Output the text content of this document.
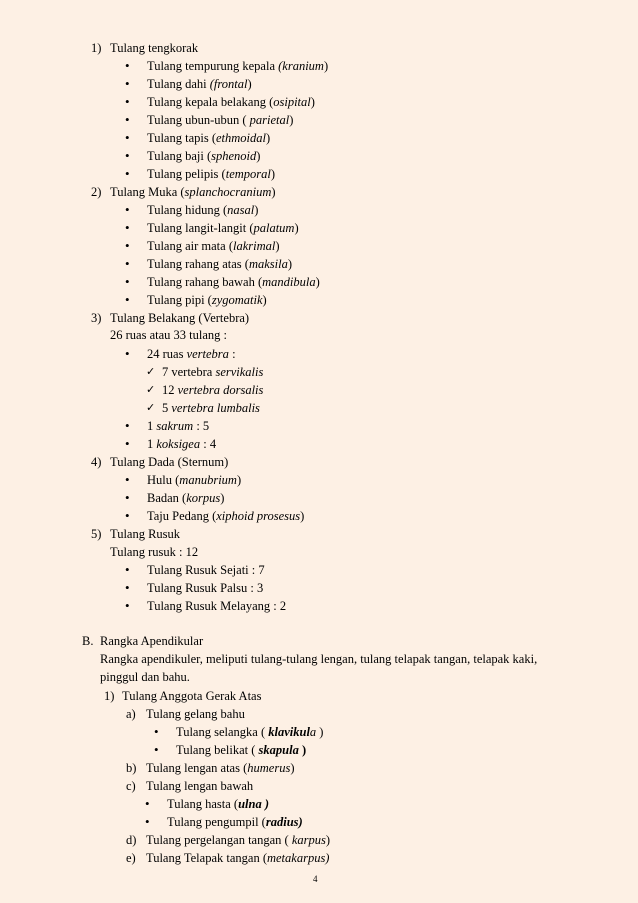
1) Tulang tengkorak
• Tulang tempurung kepala (kranium)
• Tulang dahi (frontal)
• Tulang kepala belakang (osipital)
• Tulang ubun-ubun ( parietal)
• Tulang tapis (ethmoidal)
• Tulang baji (sphenoid)
• Tulang pelipis (temporal)
2) Tulang Muka (splanchocranium)
• Tulang hidung (nasal)
• Tulang langit-langit (palatum)
• Tulang air mata (lakrimal)
• Tulang rahang atas (maksila)
• Tulang rahang bawah (mandibula)
• Tulang pipi (zygomatik)
3) Tulang Belakang (Vertebra)
26 ruas atau 33 tulang :
• 24 ruas vertebra :
✓ 7 vertebra servikalis
✓ 12 vertebra dorsalis
✓ 5 vertebra lumbalis
• 1 sakrum : 5
• 1 koksigea : 4
4) Tulang Dada (Sternum)
• Hulu (manubrium)
• Badan (korpus)
• Taju Pedang (xiphoid prosesus)
5) Tulang Rusuk
Tulang rusuk : 12
• Tulang Rusuk Sejati : 7
• Tulang Rusuk Palsu : 3
• Tulang Rusuk Melayang : 2
B. Rangka Apendikular
Rangka apendikuler, meliputi tulang-tulang lengan, tulang telapak tangan, telapak kaki,
pinggul dan bahu.
1) Tulang Anggota Gerak Atas
a) Tulang gelang bahu
• Tulang selangka ( klavikula )
• Tulang belikat ( skapula )
b) Tulang lengan atas (humerus)
c) Tulang lengan bawah
• Tulang hasta (ulna )
• Tulang pengumpil (radius)
d) Tulang pergelangan tangan ( karpus)
e) Tulang Telapak tangan (metakarpus)
4
